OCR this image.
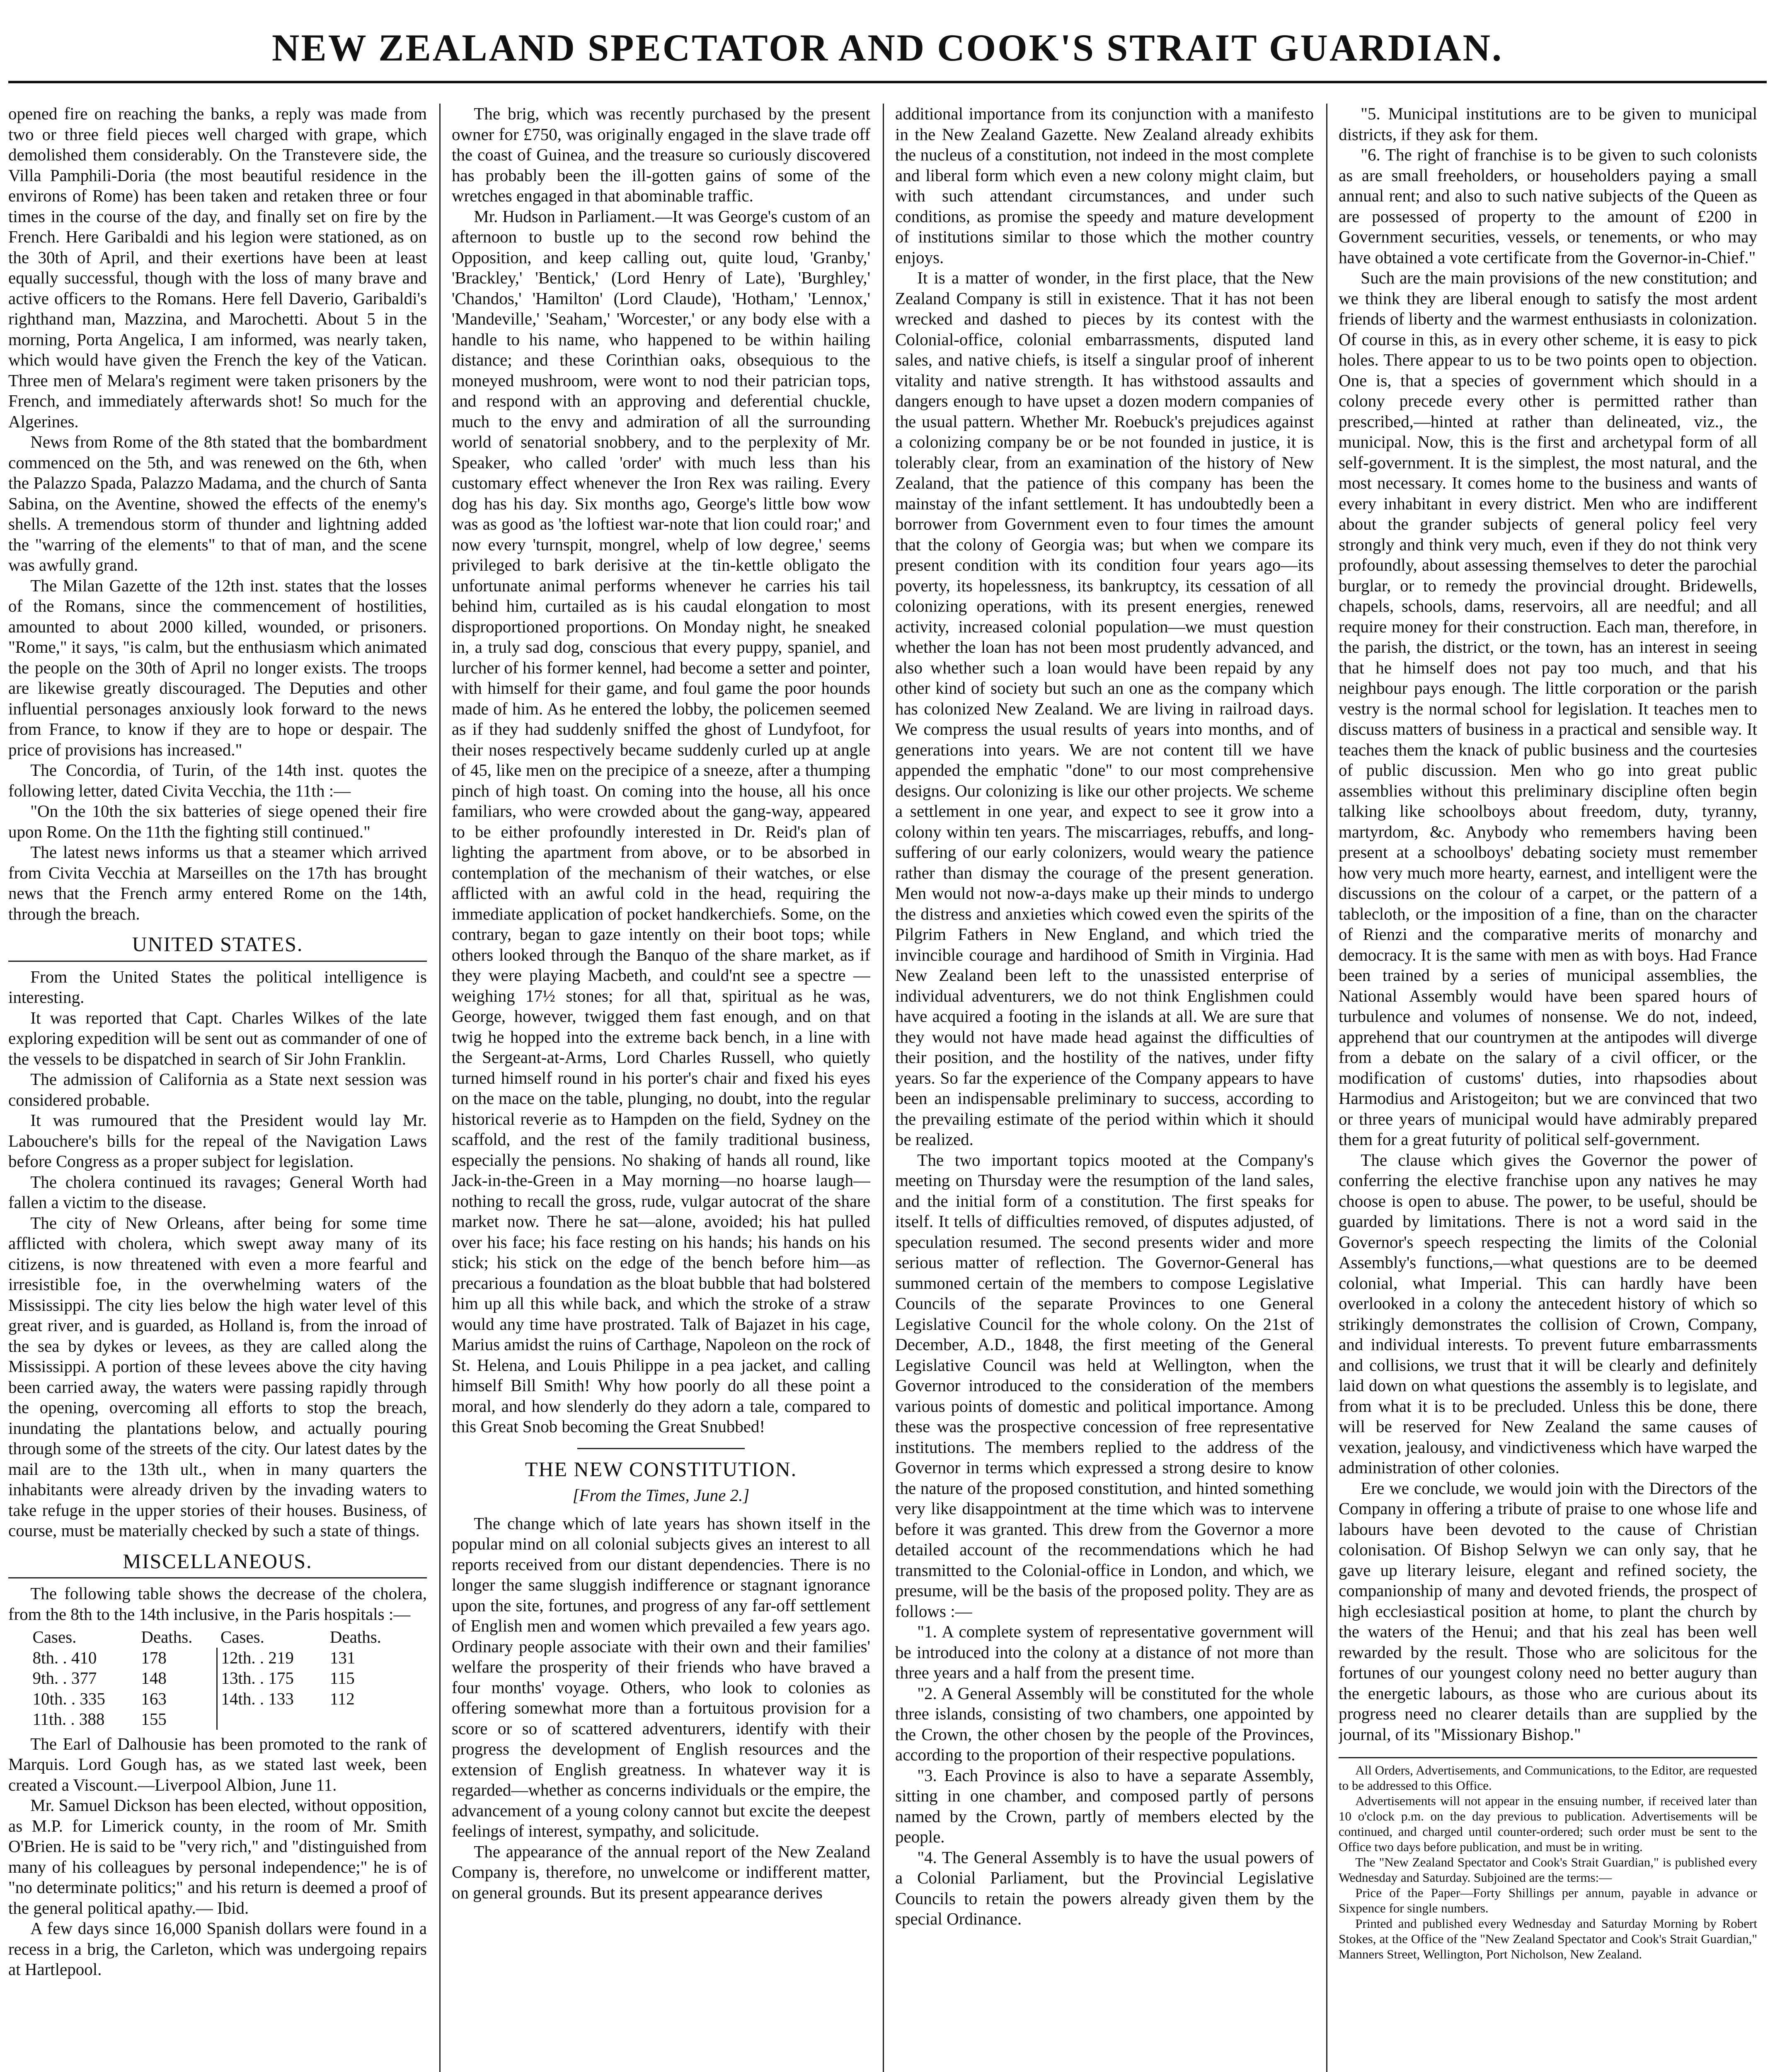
NEW ZEALAND SPECTATOR AND COOK'S STRAIT GUARDIAN.

opened fire on reaching the banks, a reply was made from two or three field pieces well charged with grape, which demolished them considerably. On the Transtevere side, the Villa Pamphili-Doria (the most beautiful residence in the environs of Rome) has been taken and retaken three or four times in the course of the day, and finally set on fire by the French. Here Garibaldi and his legion were stationed, as on the 30th of April, and their exertions have been at least equally successful, though with the loss of many brave and active officers to the Romans. Here fell Daverio, Garibaldi's righthand man, Mazzina, and Marochetti. About 5 in the morning, Porta Angelica, I am informed, was nearly taken, which would have given the French the key of the Vatican. Three men of Melara's regiment were taken prisoners by the French, and immediately afterwards shot! So much for the Algerines.

News from Rome of the 8th stated that the bombardment commenced on the 5th, and was renewed on the 6th, when the Palazzo Spada, Palazzo Madama, and the church of Santa Sabina, on the Aventine, showed the effects of the enemy's shells. A tremendous storm of thunder and lightning added the "warring of the elements" to that of man, and the scene was awfully grand.

The Milan Gazette of the 12th inst. states that the losses of the Romans, since the commencement of hostilities, amounted to about 2000 killed, wounded, or prisoners. "Rome," it says, "is calm, but the enthusiasm which animated the people on the 30th of April no longer exists. The troops are likewise greatly discouraged. The Deputies and other influential personages anxiously look forward to the news from France, to know if they are to hope or despair. The price of provisions has increased."

The Concordia, of Turin, of the 14th inst. quotes the following letter, dated Civita Vecchia, the 11th :—

"On the 10th the six batteries of siege opened their fire upon Rome. On the 11th the fighting still continued."

The latest news informs us that a steamer which arrived from Civita Vecchia at Marseilles on the 17th has brought news that the French army entered Rome on the 14th, through the breach.

UNITED STATES.

From the United States the political intelligence is interesting.

It was reported that Capt. Charles Wilkes of the late exploring expedition will be sent out as commander of one of the vessels to be dispatched in search of Sir John Franklin.

The admission of California as a State next session was considered probable.

It was rumoured that the President would lay Mr. Labouchere's bills for the repeal of the Navigation Laws before Congress as a proper subject for legislation.

The cholera continued its ravages; General Worth had fallen a victim to the disease.

The city of New Orleans, after being for some time afflicted with cholera, which swept away many of its citizens, is now threatened with even a more fearful and irresistible foe, in the overwhelming waters of the Mississippi. The city lies below the high water level of this great river, and is guarded, as Holland is, from the inroad of the sea by dykes or levees, as they are called along the Mississippi. A portion of these levees above the city having been carried away, the waters were passing rapidly through the opening, overcoming all efforts to stop the breach, inundating the plantations below, and actually pouring through some of the streets of the city. Our latest dates by the mail are to the 13th ult., when in many quarters the inhabitants were already driven by the invading waters to take refuge in the upper stories of their houses. Business, of course, must be materially checked by such a state of things.

MISCELLANEOUS.

The following table shows the decrease of the cholera, from the 8th to the 14th inclusive, in the Paris hospitals :—

Cases.	Deaths.	Cases.	Deaths.
8th. . 410	178	12th. . 219	131
9th. . 377	148	13th. . 175	115
10th. . 335	163	14th. . 133	112
11th. . 388	155		

The Earl of Dalhousie has been promoted to the rank of Marquis. Lord Gough has, as we stated last week, been created a Viscount.—Liverpool Albion, June 11.

Mr. Samuel Dickson has been elected, without opposition, as M.P. for Limerick county, in the room of Mr. Smith O'Brien. He is said to be "very rich," and "distinguished from many of his colleagues by personal independence;" he is of "no determinate politics;" and his return is deemed a proof of the general political apathy.— Ibid.

A few days since 16,000 Spanish dollars were found in a recess in a brig, the Carleton, which was undergoing repairs at Hartlepool.

The brig, which was recently purchased by the present owner for £750, was originally engaged in the slave trade off the coast of Guinea, and the treasure so curiously discovered has probably been the ill-gotten gains of some of the wretches engaged in that abominable traffic.

Mr. Hudson in Parliament.—It was George's custom of an afternoon to bustle up to the second row behind the Opposition, and keep calling out, quite loud, 'Granby,' 'Brackley,' 'Bentick,' (Lord Henry of Late), 'Burghley,' 'Chandos,' 'Hamilton' (Lord Claude), 'Hotham,' 'Lennox,' 'Mandeville,' 'Seaham,' 'Worcester,' or any body else with a handle to his name, who happened to be within hailing distance; and these Corinthian oaks, obsequious to the moneyed mushroom, were wont to nod their patrician tops, and respond with an approving and deferential chuckle, much to the envy and admiration of all the surrounding world of senatorial snobbery, and to the perplexity of Mr. Speaker, who called 'order' with much less than his customary effect whenever the Iron Rex was railing. Every dog has his day. Six months ago, George's little bow wow was as good as 'the loftiest war-note that lion could roar;' and now every 'turnspit, mongrel, whelp of low degree,' seems privileged to bark derisive at the tin-kettle obligato the unfortunate animal performs whenever he carries his tail behind him, curtailed as is his caudal elongation to most disproportioned proportions. On Monday night, he sneaked in, a truly sad dog, conscious that every puppy, spaniel, and lurcher of his former kennel, had become a setter and pointer, with himself for their game, and foul game the poor hounds made of him. As he entered the lobby, the policemen seemed as if they had suddenly sniffed the ghost of Lundyfoot, for their noses respectively became suddenly curled up at angle of 45, like men on the precipice of a sneeze, after a thumping pinch of high toast. On coming into the house, all his once familiars, who were crowded about the gang-way, appeared to be either profoundly interested in Dr. Reid's plan of lighting the apartment from above, or to be absorbed in contemplation of the mechanism of their watches, or else afflicted with an awful cold in the head, requiring the immediate application of pocket handkerchiefs. Some, on the contrary, began to gaze intently on their boot tops; while others looked through the Banquo of the share market, as if they were playing Macbeth, and could'nt see a spectre —weighing 17½ stones; for all that, spiritual as he was, George, however, twigged them fast enough, and on that twig he hopped into the extreme back bench, in a line with the Sergeant-at-Arms, Lord Charles Russell, who quietly turned himself round in his porter's chair and fixed his eyes on the mace on the table, plunging, no doubt, into the regular historical reverie as to Hampden on the field, Sydney on the scaffold, and the rest of the family traditional business, especially the pensions. No shaking of hands all round, like Jack-in-the-Green in a May morning—no hoarse laugh—nothing to recall the gross, rude, vulgar autocrat of the share market now. There he sat—alone, avoided; his hat pulled over his face; his face resting on his hands; his hands on his stick; his stick on the edge of the bench before him—as precarious a foundation as the bloat bubble that had bolstered him up all this while back, and which the stroke of a straw would any time have prostrated. Talk of Bajazet in his cage, Marius amidst the ruins of Carthage, Napoleon on the rock of St. Helena, and Louis Philippe in a pea jacket, and calling himself Bill Smith! Why how poorly do all these point a moral, and how slenderly do they adorn a tale, compared to this Great Snob becoming the Great Snubbed!

THE NEW CONSTITUTION.
[From the Times, June 2.]

The change which of late years has shown itself in the popular mind on all colonial subjects gives an interest to all reports received from our distant dependencies. There is no longer the same sluggish indifference or stagnant ignorance upon the site, fortunes, and progress of any far-off settlement of English men and women which prevailed a few years ago. Ordinary people associate with their own and their families' welfare the prosperity of their friends who have braved a four months' voyage. Others, who look to colonies as offering somewhat more than a fortuitous provision for a score or so of scattered adventurers, identify with their progress the development of English resources and the extension of English greatness. In whatever way it is regarded—whether as concerns individuals or the empire, the advancement of a young colony cannot but excite the deepest feelings of interest, sympathy, and solicitude.

The appearance of the annual report of the New Zealand Company is, therefore, no unwelcome or indifferent matter, on general grounds. But its present appearance derives

additional importance from its conjunction with a manifesto in the New Zealand Gazette. New Zealand already exhibits the nucleus of a constitution, not indeed in the most complete and liberal form which even a new colony might claim, but with such attendant circumstances, and under such conditions, as promise the speedy and mature development of institutions similar to those which the mother country enjoys.

It is a matter of wonder, in the first place, that the New Zealand Company is still in existence. That it has not been wrecked and dashed to pieces by its contest with the Colonial-office, colonial embarrassments, disputed land sales, and native chiefs, is itself a singular proof of inherent vitality and native strength. It has withstood assaults and dangers enough to have upset a dozen modern companies of the usual pattern. Whether Mr. Roebuck's prejudices against a colonizing company be or be not founded in justice, it is tolerably clear, from an examination of the history of New Zealand, that the patience of this company has been the mainstay of the infant settlement. It has undoubtedly been a borrower from Government even to four times the amount that the colony of Georgia was; but when we compare its present condition with its condition four years ago—its poverty, its hopelessness, its bankruptcy, its cessation of all colonizing operations, with its present energies, renewed activity, increased colonial population—we must question whether the loan has not been most prudently advanced, and also whether such a loan would have been repaid by any other kind of society but such an one as the company which has colonized New Zealand. We are living in railroad days. We compress the usual results of years into months, and of generations into years. We are not content till we have appended the emphatic "done" to our most comprehensive designs. Our colonizing is like our other projects. We scheme a settlement in one year, and expect to see it grow into a colony within ten years. The miscarriages, rebuffs, and long-suffering of our early colonizers, would weary the patience rather than dismay the courage of the present generation. Men would not now-a-days make up their minds to undergo the distress and anxieties which cowed even the spirits of the Pilgrim Fathers in New England, and which tried the invincible courage and hardihood of Smith in Virginia. Had New Zealand been left to the unassisted enterprise of individual adventurers, we do not think Englishmen could have acquired a footing in the islands at all. We are sure that they would not have made head against the difficulties of their position, and the hostility of the natives, under fifty years. So far the experience of the Company appears to have been an indispensable preliminary to success, according to the prevailing estimate of the period within which it should be realized.

The two important topics mooted at the Company's meeting on Thursday were the resumption of the land sales, and the initial form of a constitution. The first speaks for itself. It tells of difficulties removed, of disputes adjusted, of speculation resumed. The second presents wider and more serious matter of reflection. The Governor-General has summoned certain of the members to compose Legislative Councils of the separate Provinces to one General Legislative Council for the whole colony. On the 21st of December, A.D., 1848, the first meeting of the General Legislative Council was held at Wellington, when the Governor introduced to the consideration of the members various points of domestic and political importance. Among these was the prospective concession of free representative institutions. The members replied to the address of the Governor in terms which expressed a strong desire to know the nature of the proposed constitution, and hinted something very like disappointment at the time which was to intervene before it was granted. This drew from the Governor a more detailed account of the recommendations which he had transmitted to the Colonial-office in London, and which, we presume, will be the basis of the proposed polity. They are as follows :—

"1. A complete system of representative government will be introduced into the colony at a distance of not more than three years and a half from the present time.

"2. A General Assembly will be constituted for the whole three islands, consisting of two chambers, one appointed by the Crown, the other chosen by the people of the Provinces, according to the proportion of their respective populations.

"3. Each Province is also to have a separate Assembly, sitting in one chamber, and composed partly of persons named by the Crown, partly of members elected by the people.

"4. The General Assembly is to have the usual powers of a Colonial Parliament, but the Provincial Legislative Councils to retain the powers already given them by the special Ordinance.

"5. Municipal institutions are to be given to municipal districts, if they ask for them.

"6. The right of franchise is to be given to such colonists as are small freeholders, or householders paying a small annual rent; and also to such native subjects of the Queen as are possessed of property to the amount of £200 in Government securities, vessels, or tenements, or who may have obtained a vote certificate from the Governor-in-Chief."

Such are the main provisions of the new constitution; and we think they are liberal enough to satisfy the most ardent friends of liberty and the warmest enthusiasts in colonization. Of course in this, as in every other scheme, it is easy to pick holes. There appear to us to be two points open to objection. One is, that a species of government which should in a colony precede every other is permitted rather than prescribed,—hinted at rather than delineated, viz., the municipal. Now, this is the first and archetypal form of all self-government. It is the simplest, the most natural, and the most necessary. It comes home to the business and wants of every inhabitant in every district. Men who are indifferent about the grander subjects of general policy feel very strongly and think very much, even if they do not think very profoundly, about assessing themselves to deter the parochial burglar, or to remedy the provincial drought. Bridewells, chapels, schools, dams, reservoirs, all are needful; and all require money for their construction. Each man, therefore, in the parish, the district, or the town, has an interest in seeing that he himself does not pay too much, and that his neighbour pays enough. The little corporation or the parish vestry is the normal school for legislation. It teaches men to discuss matters of business in a practical and sensible way. It teaches them the knack of public business and the courtesies of public discussion. Men who go into great public assemblies without this preliminary discipline often begin talking like schoolboys about freedom, duty, tyranny, martyrdom, &c. Anybody who remembers having been present at a schoolboys' debating society must remember how very much more hearty, earnest, and intelligent were the discussions on the colour of a carpet, or the pattern of a tablecloth, or the imposition of a fine, than on the character of Rienzi and the comparative merits of monarchy and democracy. It is the same with men as with boys. Had France been trained by a series of municipal assemblies, the National Assembly would have been spared hours of turbulence and volumes of nonsense. We do not, indeed, apprehend that our countrymen at the antipodes will diverge from a debate on the salary of a civil officer, or the modification of customs' duties, into rhapsodies about Harmodius and Aristogeiton; but we are convinced that two or three years of municipal would have admirably prepared them for a great futurity of political self-government.

The clause which gives the Governor the power of conferring the elective franchise upon any natives he may choose is open to abuse. The power, to be useful, should be guarded by limitations. There is not a word said in the Governor's speech respecting the limits of the Colonial Assembly's functions,—what questions are to be deemed colonial, what Imperial. This can hardly have been overlooked in a colony the antecedent history of which so strikingly demonstrates the collision of Crown, Company, and individual interests. To prevent future embarrassments and collisions, we trust that it will be clearly and definitely laid down on what questions the assembly is to legislate, and from what it is to be precluded. Unless this be done, there will be reserved for New Zealand the same causes of vexation, jealousy, and vindictiveness which have warped the administration of other colonies.

Ere we conclude, we would join with the Directors of the Company in offering a tribute of praise to one whose life and labours have been devoted to the cause of Christian colonisation. Of Bishop Selwyn we can only say, that he gave up literary leisure, elegant and refined society, the companionship of many and devoted friends, the prospect of high ecclesiastical position at home, to plant the church by the waters of the Henui; and that his zeal has been well rewarded by the result. Those who are solicitous for the fortunes of our youngest colony need no better augury than the energetic labours, as those who are curious about its progress need no clearer details than are supplied by the journal, of its "Missionary Bishop."

All Orders, Advertisements, and Communications, to the Editor, are requested to be addressed to this Office.

Advertisements will not appear in the ensuing number, if received later than 10 o'clock p.m. on the day previous to publication. Advertisements will be continued, and charged until counter-ordered; such order must be sent to the Office two days before publication, and must be in writing.

The "New Zealand Spectator and Cook's Strait Guardian," is published every Wednesday and Saturday. Subjoined are the terms:—

Price of the Paper—Forty Shillings per annum, payable in advance or Sixpence for single numbers.

Printed and published every Wednesday and Saturday Morning by Robert Stokes, at the Office of the "New Zealand Spectator and Cook's Strait Guardian," Manners Street, Wellington, Port Nicholson, New Zealand.
